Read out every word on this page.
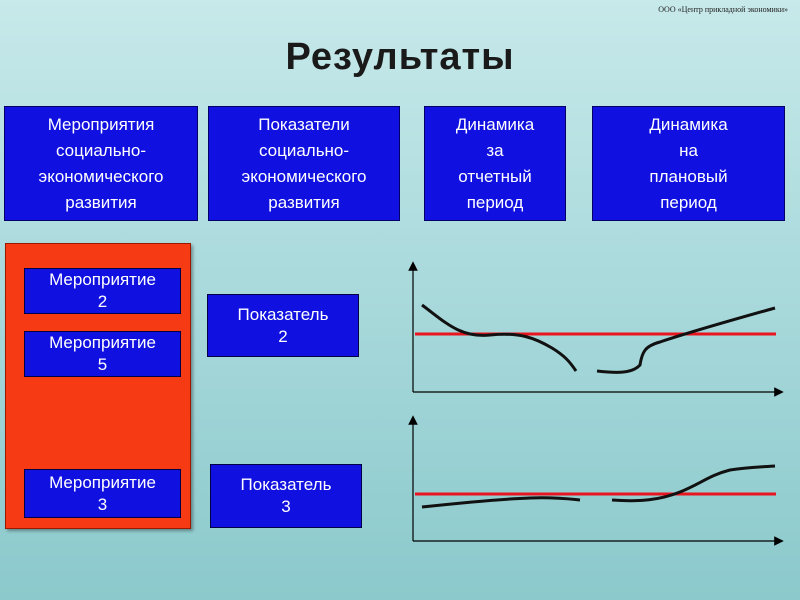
ООО «Центр прикладной экономики»
Результаты
Мероприятия
социально-
экономического
развития
Показатели
социально-
экономического
развития
Динамика
за
отчетный
период
Динамика
на
плановый
период
Мероприятие
2
Мероприятие
5
Мероприятие
3
Показатель
2
Показатель
3
